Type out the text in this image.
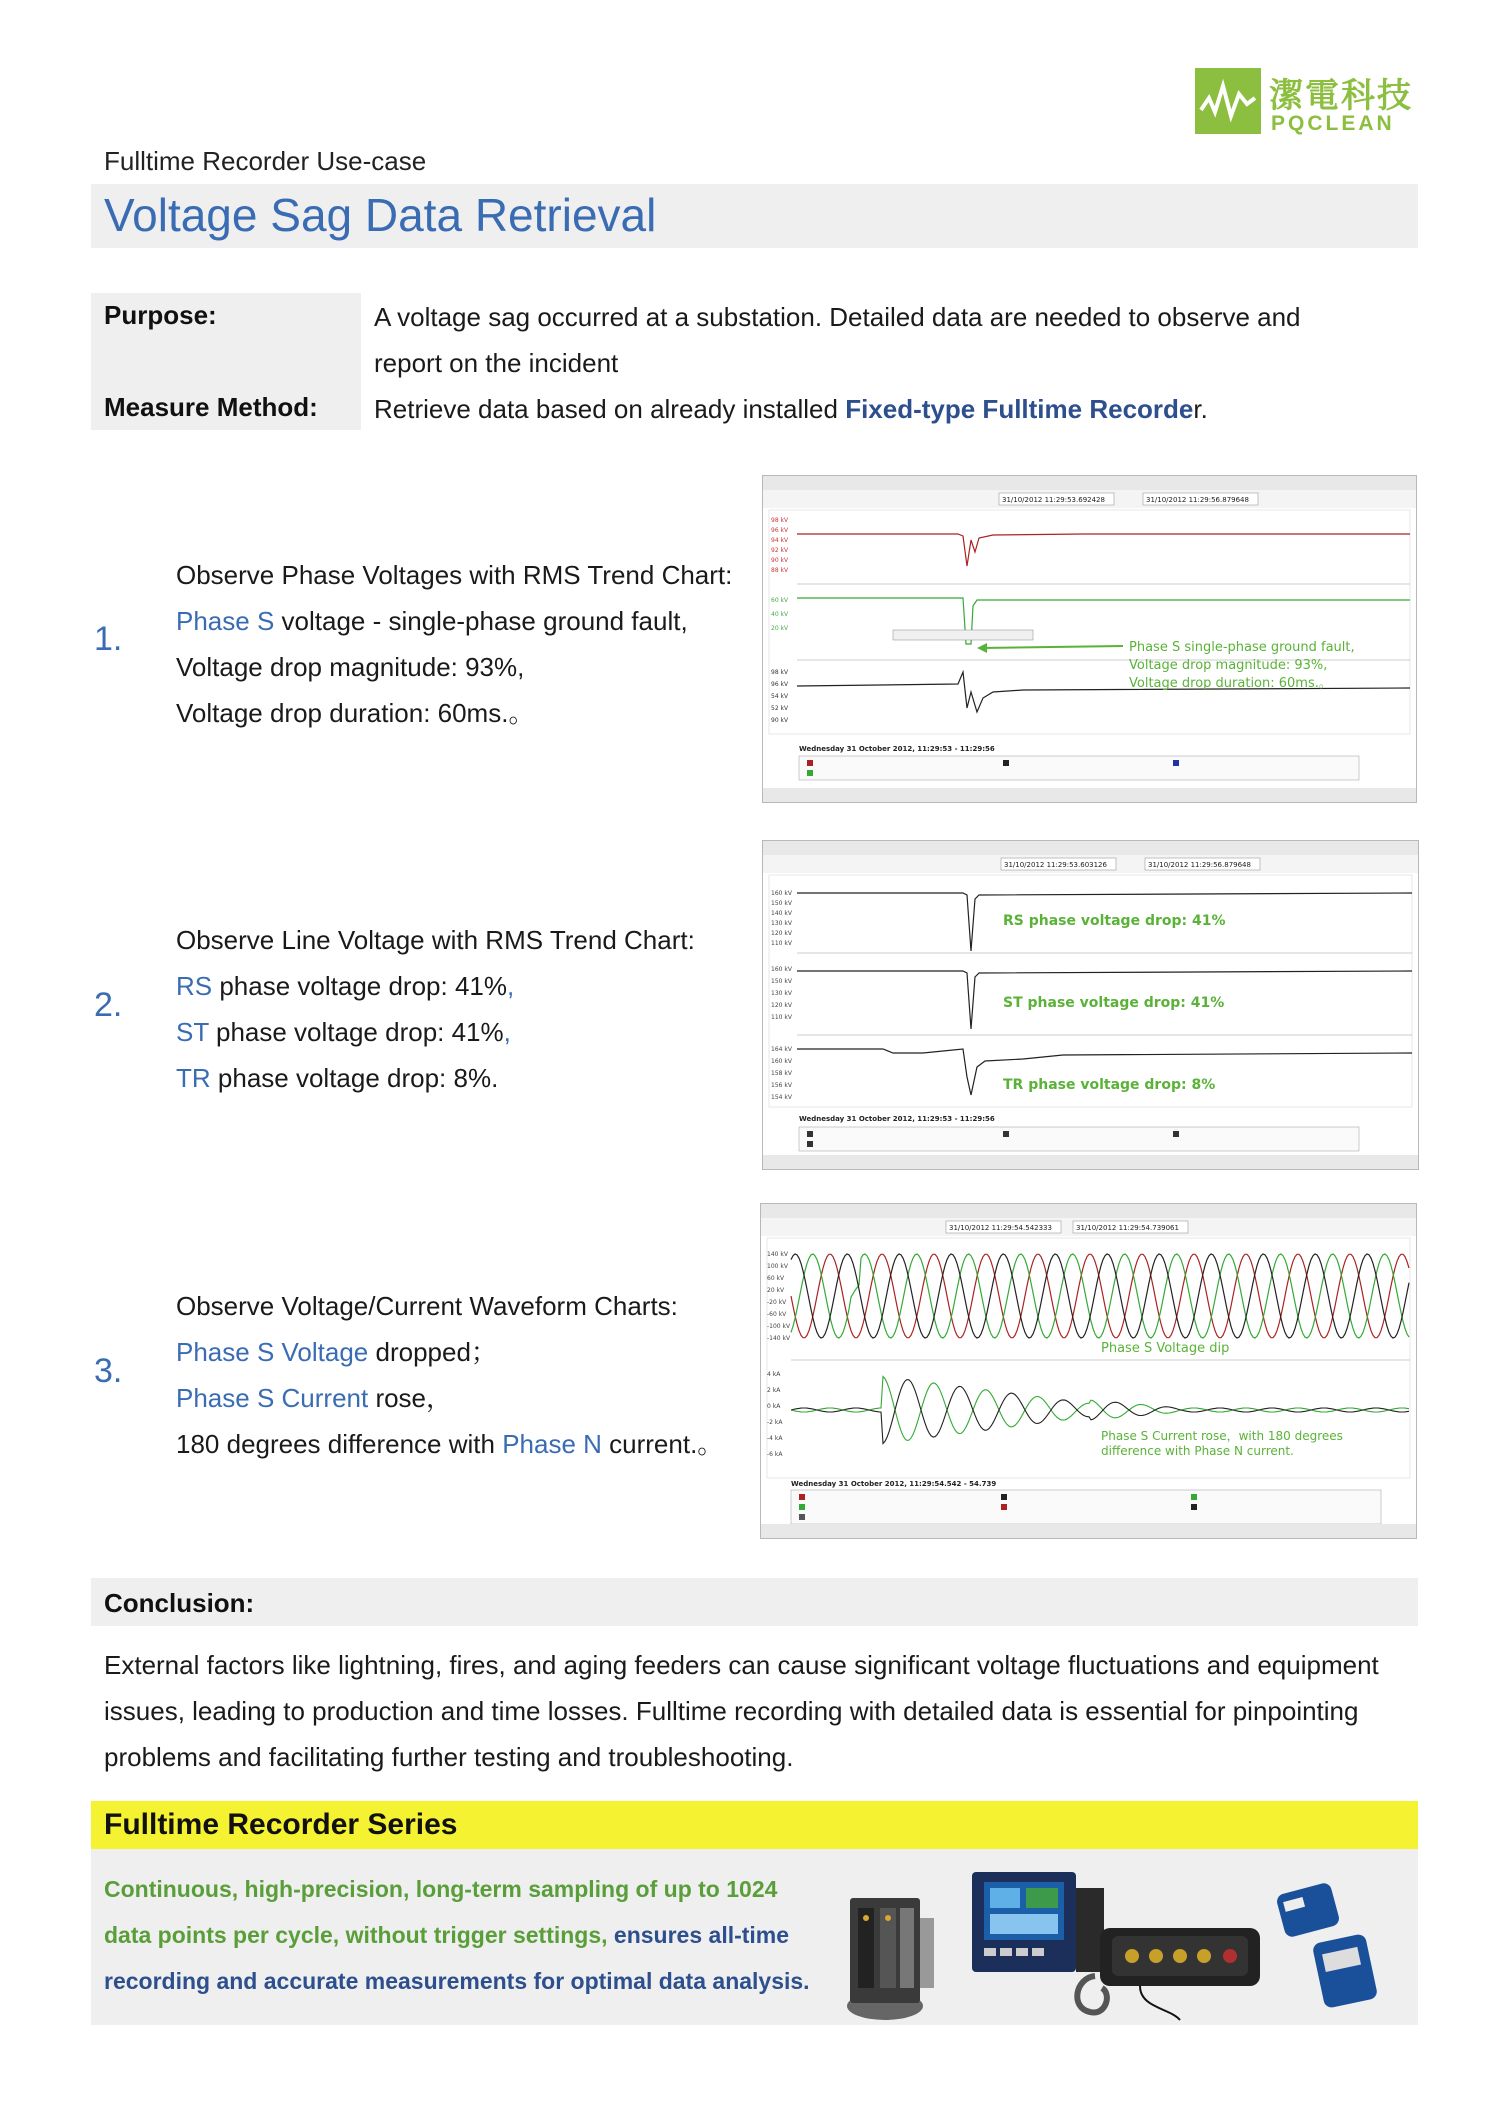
潔電科技
PQCLEAN
Fulltime Recorder Use-case
Voltage Sag Data Retrieval
Purpose:	A voltage sag occurred at a substation. Detailed data are needed to observe and
report on the incident
Measure Method: Retrieve data based on already installed Fixed-type Fulltime Recorder.
1.
Observe Phase Voltages with RMS Trend Chart:
Phase S voltage - single-phase ground fault,
Voltage drop magnitude: 93%,
Voltage drop duration: 60ms.。
31/10/2012 11:29:53.692428	31/10/2012 11:29:56.879648
98 kV
96 kV
94 kV
92 kV
90 kV
88 kV
60 kV
40 kV
20 kV
98 kV
96 kV
54 kV
52 kV
90 kV
Phase S single-phase ground fault,
Voltage drop magnitude: 93%,
Voltage drop duration: 60ms.。
Wednesday 31 October 2012, 11:29:53 - 11:29:56
2.
Observe Line Voltage with RMS Trend Chart:
RS phase voltage drop: 41%,
ST phase voltage drop: 41%,
TR phase voltage drop: 8%.
31/10/2012 11:29:53.603126	31/10/2012 11:29:56.879648
160 kV
150 kV
140 kV
130 kV
120 kV
110 kV
160 kV
150 kV
130 kV
120 kV
110 kV
164 kV
160 kV
158 kV
156 kV
154 kV
RS phase voltage drop: 41%
ST phase voltage drop: 41%
TR phase voltage drop: 8%
Wednesday 31 October 2012, 11:29:53 - 11:29:56
3.
Observe Voltage/Current Waveform Charts:
Phase S Voltage dropped；
Phase S Current rose，
180 degrees difference with Phase N current.。
31/10/2012 11:29:54.542333	31/10/2012 11:29:54.739061
140 kV
100 kV
60 kV
20 kV
-20 kV
-60 kV
-100 kV
-140 kV
4 kA
2 kA
0 kA
-2 kA
-4 kA
-6 kA
Phase S Voltage dip
Phase S Current rose，with 180 degrees
difference with Phase N current.
Wednesday 31 October 2012, 11:29:54.542 - 54.739
Conclusion:
External factors like lightning, fires, and aging feeders can cause significant voltage fluctuations and equipment
issues, leading to production and time losses. Fulltime recording with detailed data is essential for pinpointing
problems and facilitating further testing and troubleshooting.
Fulltime Recorder Series
Continuous, high-precision, long-term sampling of up to 1024
data points per cycle, without trigger settings, ensures all-time
recording and accurate measurements for optimal data analysis.
